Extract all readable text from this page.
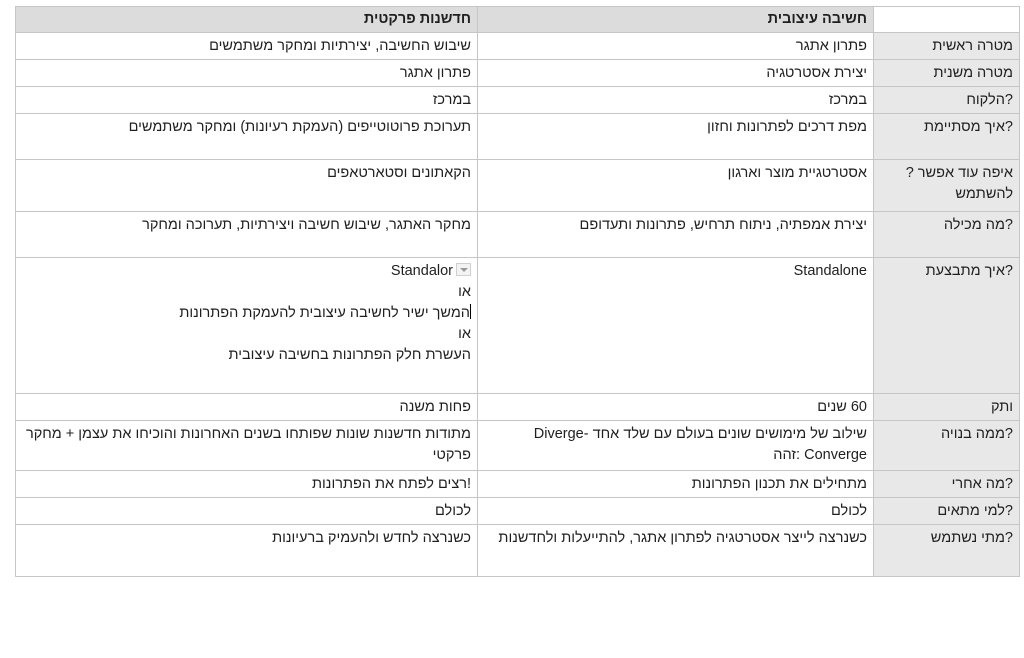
	חשיבה עיצובית	חדשנות פרקטית
מטרה ראשית	פתרון אתגר	שיבוש החשיבה, יצירתיות ומחקר משתמשים
מטרה משנית	יצירת אסטרטגיה	פתרון אתגר
?הלקוח	במרכז	במרכז
?איך מסתיימת	מפת דרכים לפתרונות וחזון	תערוכת פרוטוטייפים (העמקת רעיונות) ומחקר משתמשים
איפה עוד אפשר ?להשתמש	אסטרטגיית מוצר וארגון	הקאתונים וסטארטאפים
?מה מכילה	יצירת אמפתיה, ניתוח תרחיש, פתרונות ותעדופם	מחקר האתגר, שיבוש חשיבה ויצירתיות, תערוכה ומחקר
?איך מתבצעת	Standalone	Standalor
או
המשך ישיר לחשיבה עיצובית להעמקת הפתרונות
או
העשרת חלק הפתרונות בחשיבה עיצובית

ותק	60 שנים	פחות משנה
?ממה בנויה	שילוב של מימושים שונים בעולם עם שלד אחד Diverge-Converge :זהה	מתודות חדשנות שונות שפותחו בשנים האחרונות והוכיחו את עצמן + מחקר פרקטי
?מה אחרי	מתחילים את תכנון הפתרונות	!רצים לפתח את הפתרונות
?למי מתאים	לכולם	לכולם
?מתי נשתמש	כשנרצה לייצר אסטרטגיה לפתרון אתגר, להתייעלות ולחדשנות	כשנרצה לחדש ולהעמיק ברעיונות
